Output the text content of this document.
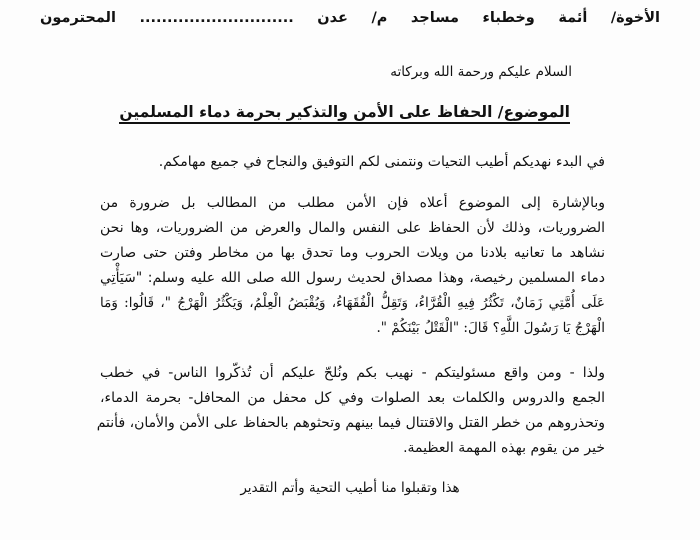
الأخوة/ أئمة وخطباء مساجد م/ عدن ............................ المحترمون
السلام عليكم ورحمة الله وبركاته
الموضوع/ الحفاظ على الأمن والتذكير بحرمة دماء المسلمين
في البدء نهديكم أطيب التحيات ونتمنى لكم التوفيق والنجاح في جميع مهامكم.
وبالإشارة إلى الموضوع أعلاه فإن الأمن مطلب من المطالب بل ضرورة من
الضروريات، وذلك لأن الحفاظ على النفس والمال والعرض من الضروريات، وها نحن
نشاهد ما تعانيه بلادنا من ويلات الحروب وما تحدق بها من مخاطر وفتن حتى صارت
دماء المسلمين رخيصة، وهذا مصداق لحديث رسول الله صلى الله عليه وسلم: "سَيَأْتِي
عَلَى أُمَّتِي زَمَانٌ، تَكْثُرُ فِيهِ الْقُرَّاءُ، وَتَقِلُّ الْفُقَهَاءُ، وَيُقْبَضُ الْعِلْمُ، وَيَكْثُرُ الْهَرْجُ "، قَالُوا: وَمَا
الْهَرْجُ يَا رَسُولَ اللَّهِ؟ قَالَ: "الْقَتْلُ بَيْنَكُمْ ".
ولذا - ومن واقع مسئوليتكم - نهيب بكم ونُلحّ عليكم أن تُذكّروا الناس- في خطب
الجمع والدروس والكلمات بعد الصلوات وفي كل محفل من المحافل- بحرمة الدماء،
وتحذروهم من خطر القتل والاقتتال فيما بينهم وتحثوهم بالحفاظ على الأمن والأمان، فأنتم
خير من يقوم بهذه المهمة العظيمة.
هذا وتقبلوا منا أطيب التحية وأتم التقدير
